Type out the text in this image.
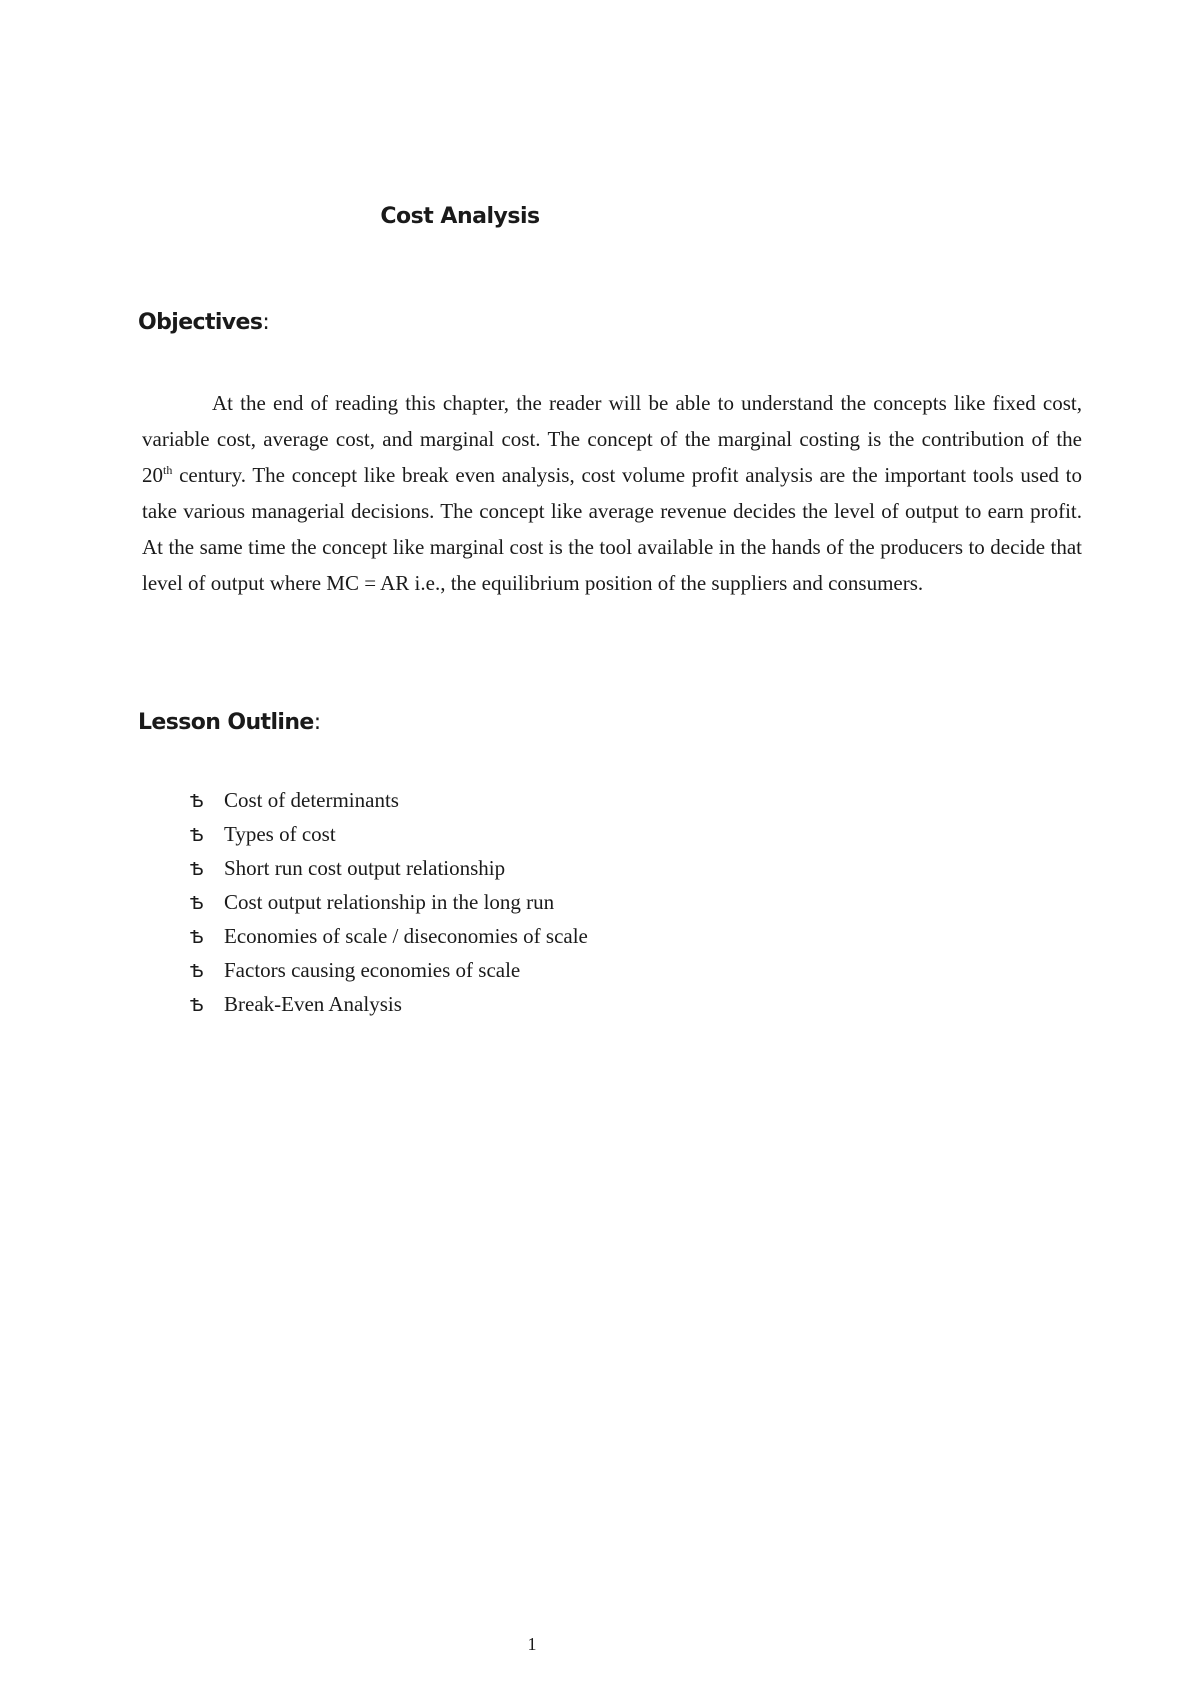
Cost Analysis
Objectives:

At the end of reading this chapter, the reader will be able to understand the concepts like fixed cost, variable cost, average cost, and marginal cost. The concept of the marginal costing is the contribution of the 20th century. The concept like break even analysis, cost volume profit analysis are the important tools used to take various managerial decisions. The concept like average revenue decides the level of output to earn profit. At the same time the concept like marginal cost is the tool available in the hands of the producers to decide that level of output where MC = AR i.e., the equilibrium position of the suppliers and consumers.

Lesson Outline:
Ѣ Cost of determinants
Ѣ Types of cost
Ѣ Short run cost output relationship
Ѣ Cost output relationship in the long run
Ѣ Economies of scale / diseconomies of scale
Ѣ Factors causing economies of scale
Ѣ Break-Even Analysis

1
